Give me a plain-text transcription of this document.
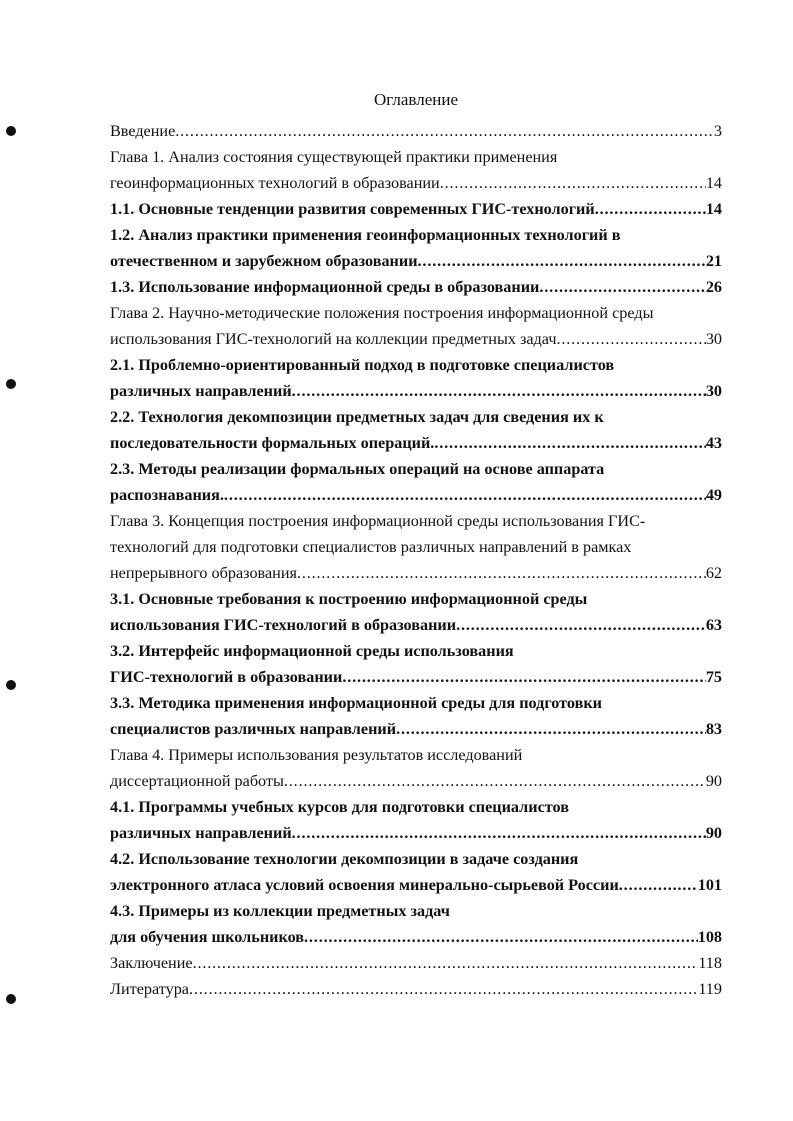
Оглавление
Введение . . .	3
Глава 1. Анализ состояния существующей практики применения
геоинформационных технологий в образовании . . .	14
1.1. Основные тенденции развития современных ГИС-технологий . . .	14
1.2. Анализ практики применения геоинформационных технологий в
отечественном и зарубежном образовании . . .	21
1.3. Использование информационной среды в образовании . . .	26
Глава 2. Научно-методические положения построения информационной среды
использования ГИС-технологий на коллекции предметных задач . . .	30
2.1. Проблемно-ориентированный подход в подготовке специалистов
различных направлений . . .	30
2.2. Технология декомпозиции предметных задач для сведения их к
последовательности формальных операций. . . .	43
2.3. Методы реализации формальных операций на основе аппарата
распознавания. . . .	49
Глава 3. Концепция построения информационной среды использования ГИС-
технологий для подготовки специалистов различных направлений в рамках
непрерывного образования . . .	62
3.1. Основные требования к построению информационной среды
использования ГИС-технологий в образовании . . .	63
3.2. Интерфейс информационной среды использования
ГИС-технологий в образовании . . .	75
3.3. Методика применения информационной среды для подготовки
специалистов различных направлений . . .	83
Глава 4. Примеры использования результатов исследований
диссертационной работы . . .	90
4.1. Программы учебных курсов для подготовки специалистов
различных направлений . . .	90
4.2. Использование технологии декомпозиции в задаче создания
электронного атласа условий освоения минерально-сырьевой России . . .	101
4.3. Примеры из коллекции предметных задач
для обучения школьников . . .	108
Заключение . . .	118
Литература . . .	119
